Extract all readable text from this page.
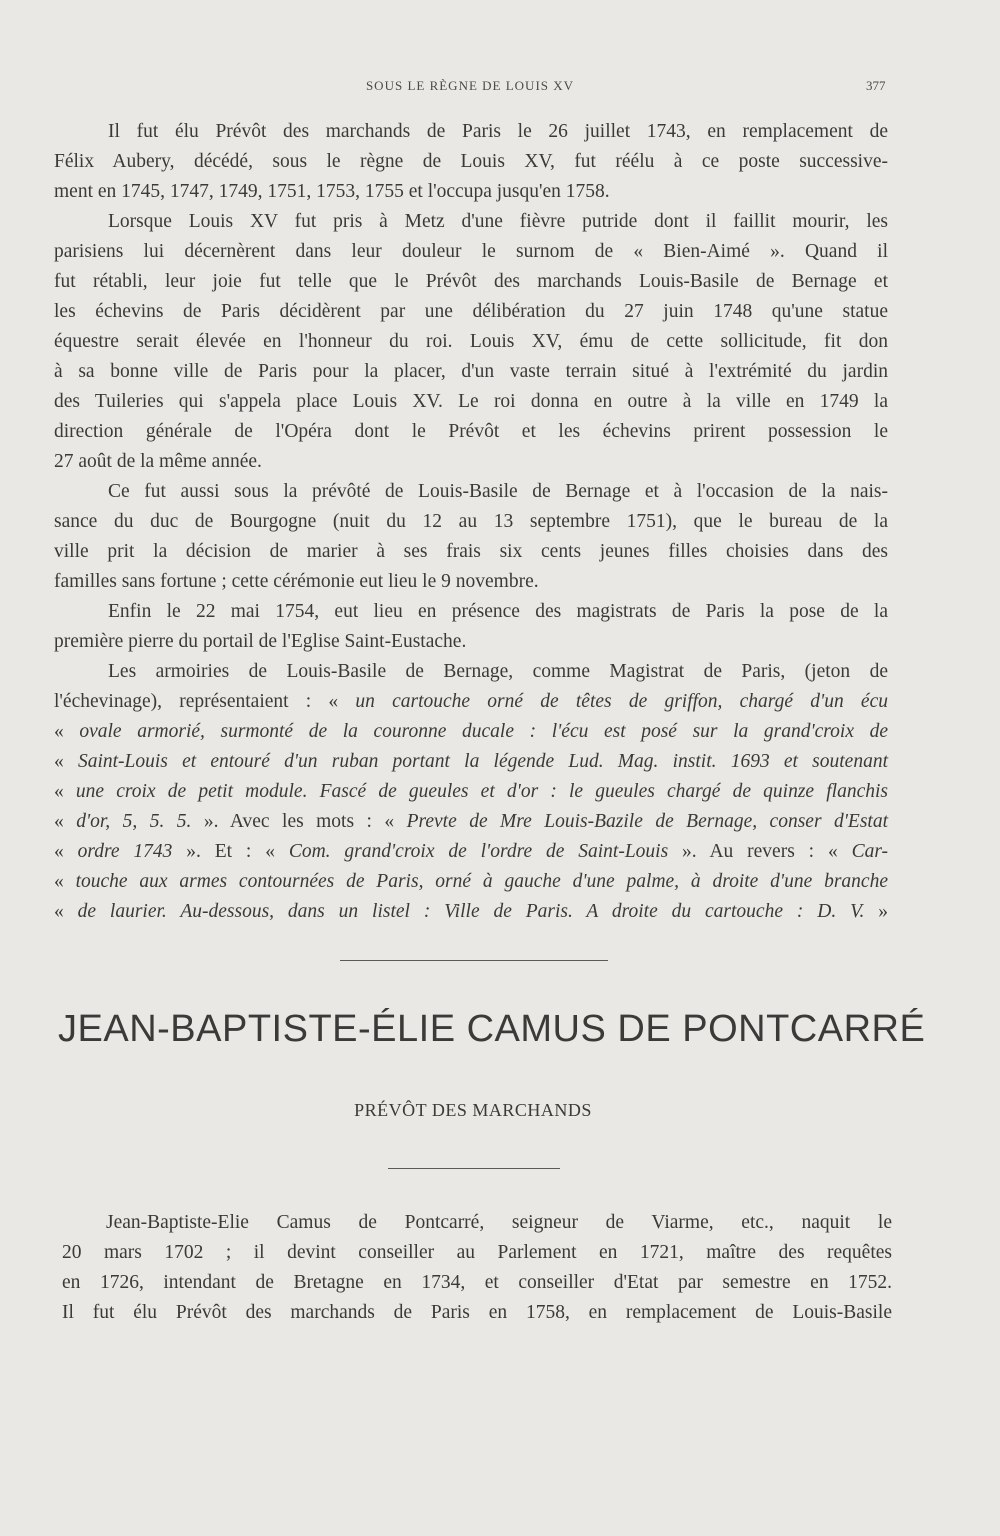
SOUS LE RÈGNE DE LOUIS XV	377
Il fut élu Prévôt des marchands de Paris le 26 juillet 1743, en remplacement de
Félix Aubery, décédé, sous le règne de Louis XV, fut réélu à ce poste successive-
ment en 1745, 1747, 1749, 1751, 1753, 1755 et l'occupa jusqu'en 1758.
Lorsque Louis XV fut pris à Metz d'une fièvre putride dont il faillit mourir, les
parisiens lui décernèrent dans leur douleur le surnom de « Bien-Aimé ». Quand il
fut rétabli, leur joie fut telle que le Prévôt des marchands Louis-Basile de Bernage et
les échevins de Paris décidèrent par une délibération du 27 juin 1748 qu'une statue
équestre serait élevée en l'honneur du roi. Louis XV, ému de cette sollicitude, fit don
à sa bonne ville de Paris pour la placer, d'un vaste terrain situé à l'extrémité du jardin
des Tuileries qui s'appela place Louis XV. Le roi donna en outre à la ville en 1749 la
direction générale de l'Opéra dont le Prévôt et les échevins prirent possession le
27 août de la même année.
Ce fut aussi sous la prévôté de Louis-Basile de Bernage et à l'occasion de la nais-
sance du duc de Bourgogne (nuit du 12 au 13 septembre 1751), que le bureau de la
ville prit la décision de marier à ses frais six cents jeunes filles choisies dans des
familles sans fortune ; cette cérémonie eut lieu le 9 novembre.
Enfin le 22 mai 1754, eut lieu en présence des magistrats de Paris la pose de la
première pierre du portail de l'Eglise Saint-Eustache.
Les armoiries de Louis-Basile de Bernage, comme Magistrat de Paris, (jeton de
l'échevinage), représentaient : « un cartouche orné de têtes de griffon, chargé d'un écu
« ovale armorié, surmonté de la couronne ducale : l'écu est posé sur la grand'croix de
« Saint-Louis et entouré d'un ruban portant la légende Lud. Mag. instit. 1693 et soutenant
« une croix de petit module. Fascé de gueules et d'or : le gueules chargé de quinze flanchis
« d'or, 5, 5. 5. ». Avec les mots : « Prevte de Mre Louis-Bazile de Bernage, conser d'Estat
« ordre 1743 ». Et : « Com. grand'croix de l'ordre de Saint-Louis ». Au revers : « Car-
« touche aux armes contournées de Paris, orné à gauche d'une palme, à droite d'une branche
« de laurier. Au-dessous, dans un listel : Ville de Paris. A droite du cartouche : D. V. »
JEAN-BAPTISTE-ÉLIE CAMUS DE PONTCARRÉ
PRÉVÔT DES MARCHANDS
Jean-Baptiste-Elie Camus de Pontcarré, seigneur de Viarme, etc., naquit le
20 mars 1702 ; il devint conseiller au Parlement en 1721, maître des requêtes
en 1726, intendant de Bretagne en 1734, et conseiller d'Etat par semestre en 1752.
Il fut élu Prévôt des marchands de Paris en 1758, en remplacement de Louis-Basile
